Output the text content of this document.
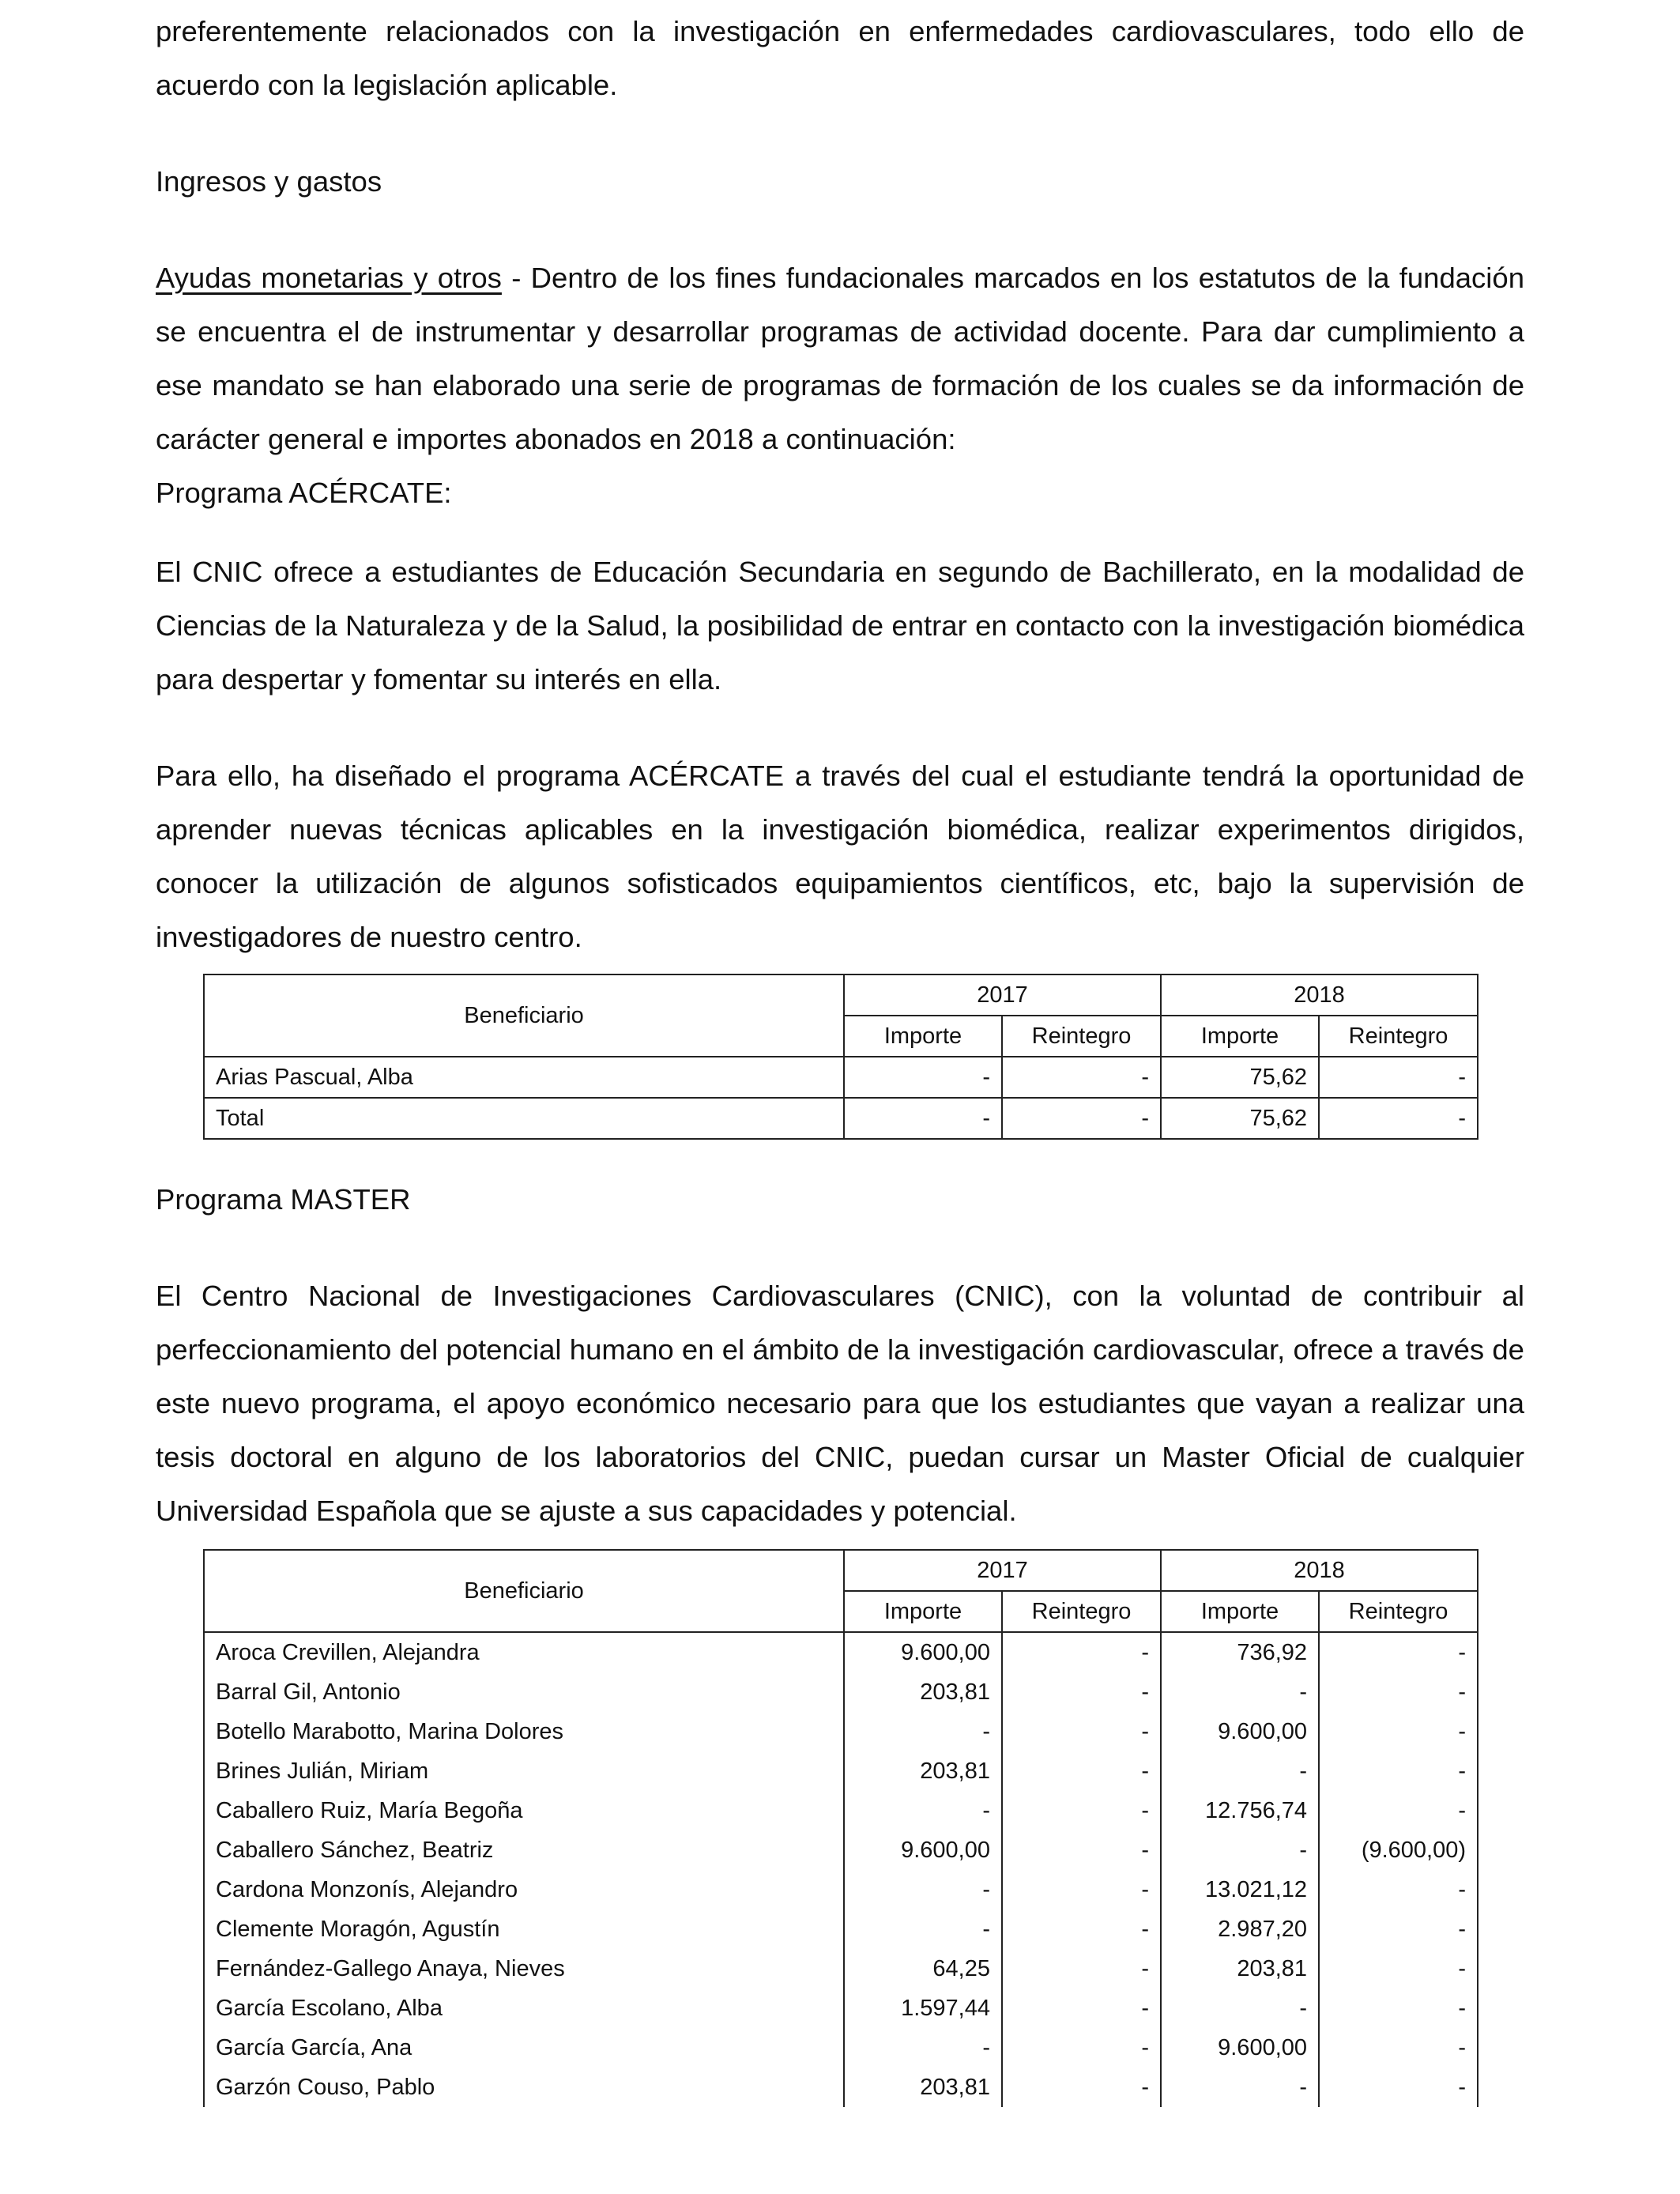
preferentemente relacionados con la investigación en enfermedades cardiovasculares, todo ello de
acuerdo con la legislación aplicable.

Ingresos y gastos

Ayudas monetarias y otros - Dentro de los fines fundacionales marcados en los estatutos de la fundación se encuentra el de instrumentar y desarrollar programas de actividad docente. Para dar cumplimiento a ese mandato se han elaborado una serie de programas de formación de los cuales se da información de carácter general e importes abonados en 2018 a continuación:

Programa ACÉRCATE:

El CNIC ofrece a estudiantes de Educación Secundaria en segundo de Bachillerato, en la modalidad de Ciencias de la Naturaleza y de la Salud, la posibilidad de entrar en contacto con la investigación biomédica para despertar y fomentar su interés en ella.

Para ello, ha diseñado el programa ACÉRCATE a través del cual el estudiante tendrá la oportunidad de aprender nuevas técnicas aplicables en la investigación biomédica, realizar experimentos dirigidos, conocer la utilización de algunos sofisticados equipamientos científicos, etc, bajo la supervisión de investigadores de nuestro centro.

Beneficiario	2017		2018	
	Importe	Reintegro	Importe	Reintegro
Arias Pascual, Alba	-	-	75,62	-
Total	-	-	75,62	-

Programa MASTER

El Centro Nacional de Investigaciones Cardiovasculares (CNIC), con la voluntad de contribuir al perfeccionamiento del potencial humano en el ámbito de la investigación cardiovascular, ofrece a través de este nuevo programa, el apoyo económico necesario para que los estudiantes que vayan a realizar una tesis doctoral en alguno de los laboratorios del CNIC, puedan cursar un Master Oficial de cualquier Universidad Española que se ajuste a sus capacidades y potencial.

Beneficiario	2017		2018	
	Importe	Reintegro	Importe	Reintegro
Aroca Crevillen, Alejandra	9.600,00	-	736,92	-
Barral Gil, Antonio	203,81	-	-	-
Botello Marabotto, Marina Dolores	-	-	9.600,00	-
Brines Julián, Miriam	203,81	-	-	-
Caballero Ruiz, María Begoña	-	-	12.756,74	-
Caballero Sánchez, Beatriz	9.600,00	-	-	(9.600,00)
Cardona Monzonís, Alejandro	-	-	13.021,12	-
Clemente Moragón, Agustín	-	-	2.987,20	-
Fernández-Gallego Anaya, Nieves	64,25	-	203,81	-
García Escolano, Alba	1.597,44	-	-	-
García García, Ana	-	-	9.600,00	-
Garzón Couso, Pablo	203,81	-	-	-
